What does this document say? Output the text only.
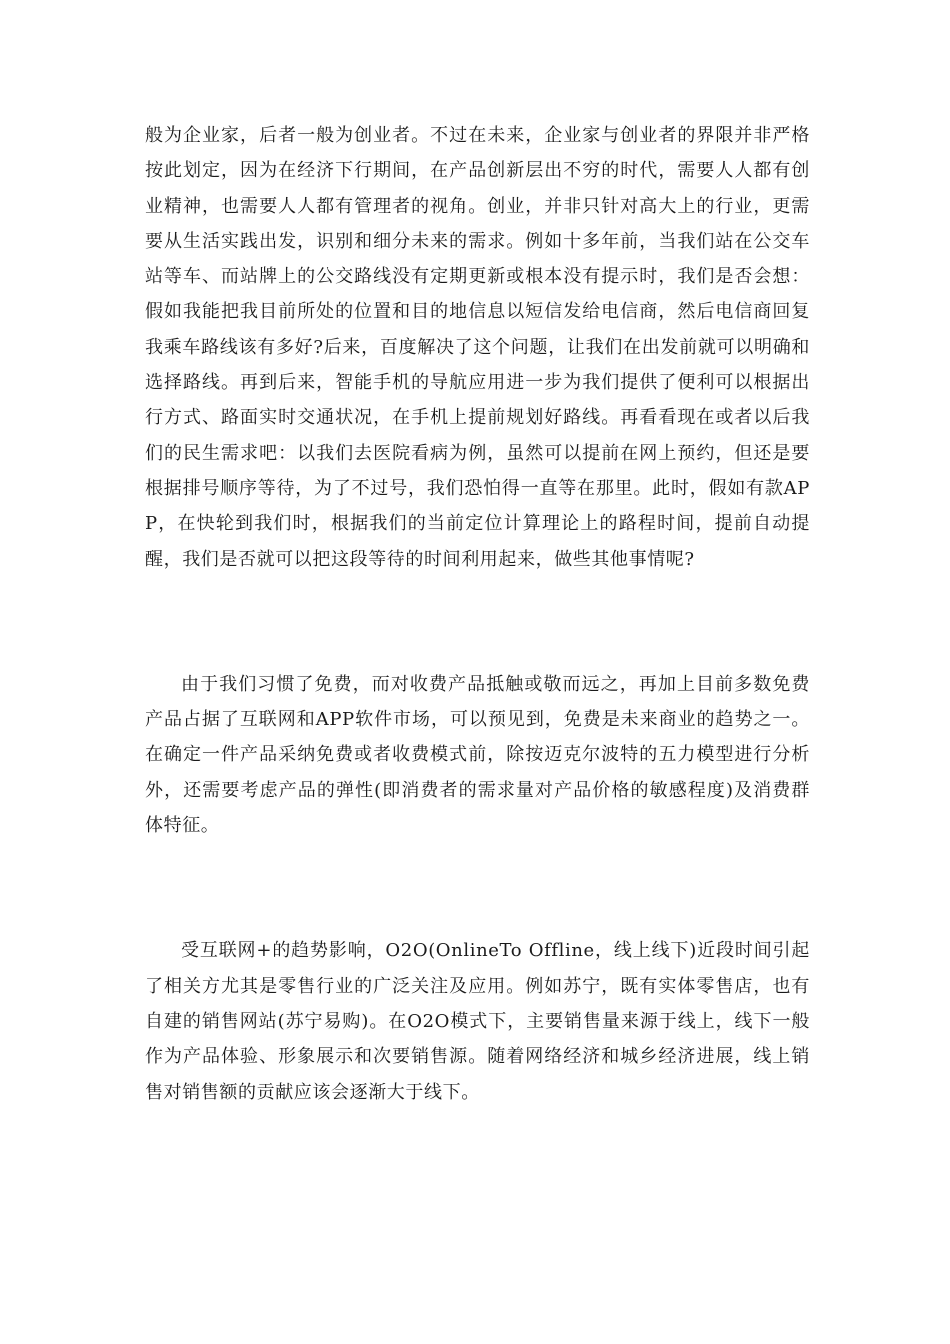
般为企业家，后者一般为创业者。不过在未来，企业家与创业者的界限并非严格按此划定，因为在经济下行期间，在产品创新层出不穷的时代，需要人人都有创业精神，也需要人人都有管理者的视角。创业，并非只针对高大上的行业，更需要从生活实践出发，识别和细分未来的需求。例如十多年前，当我们站在公交车站等车、而站牌上的公交路线没有定期更新或根本没有提示时，我们是否会想：假如我能把我目前所处的位置和目的地信息以短信发给电信商，然后电信商回复我乘车路线该有多好?后来，百度解决了这个问题，让我们在出发前就可以明确和选择路线。再到后来，智能手机的导航应用进一步为我们提供了便利可以根据出行方式、路面实时交通状况，在手机上提前规划好路线。再看看现在或者以后我们的民生需求吧：以我们去医院看病为例，虽然可以提前在网上预约，但还是要根据排号顺序等待，为了不过号，我们恐怕得一直等在那里。此时，假如有款APP，在快轮到我们时，根据我们的当前定位计算理论上的路程时间，提前自动提醒，我们是否就可以把这段等待的时间利用起来，做些其他事情呢?

由于我们习惯了免费，而对收费产品抵触或敬而远之，再加上目前多数免费产品占据了互联网和APP软件市场，可以预见到，免费是未来商业的趋势之一。在确定一件产品采纳免费或者收费模式前，除按迈克尔波特的五力模型进行分析外，还需要考虑产品的弹性(即消费者的需求量对产品价格的敏感程度)及消费群体特征。

受互联网+的趋势影响，O2O(OnlineTo Offline，线上线下)近段时间引起了相关方尤其是零售行业的广泛关注及应用。例如苏宁，既有实体零售店，也有自建的销售网站(苏宁易购)。在O2O模式下，主要销售量来源于线上，线下一般作为产品体验、形象展示和次要销售源。随着网络经济和城乡经济进展，线上销售对销售额的贡献应该会逐渐大于线下。
